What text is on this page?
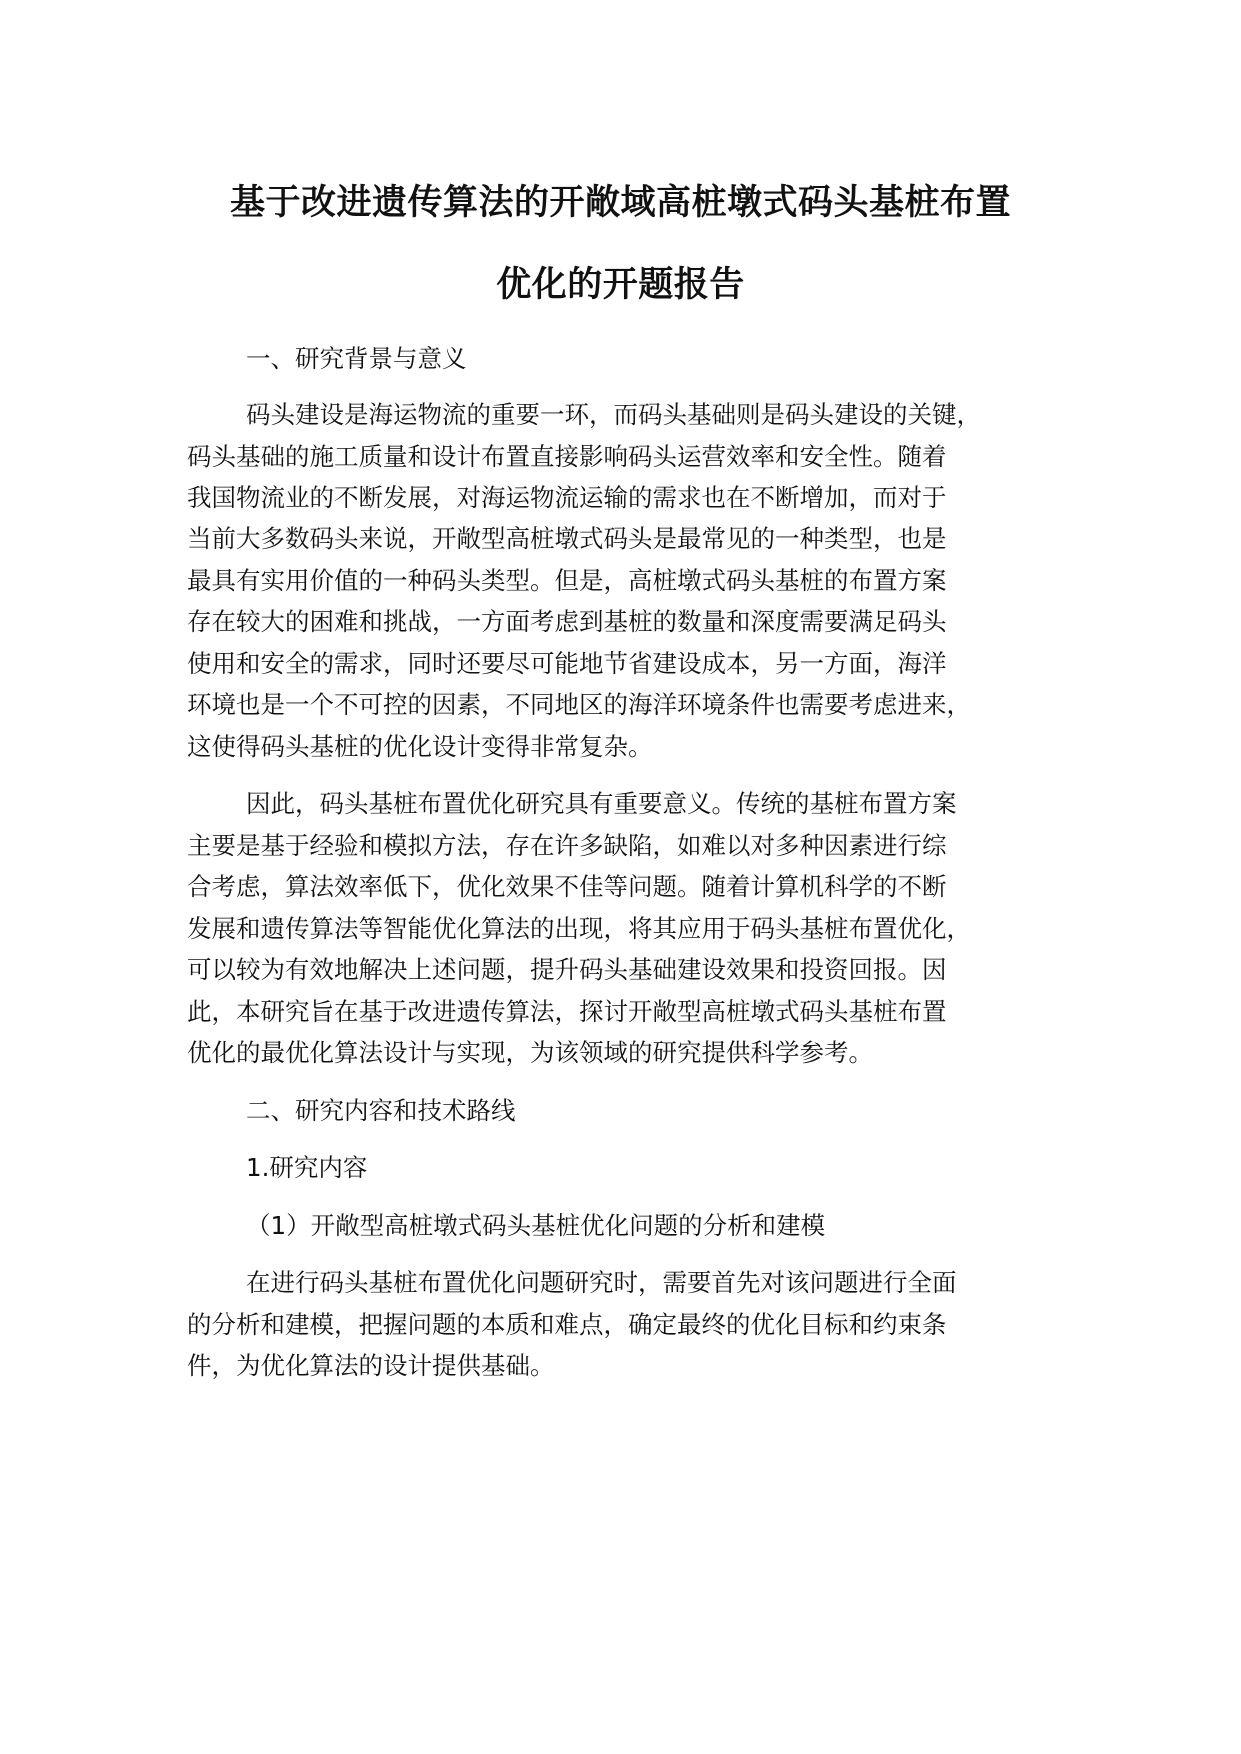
基于改进遗传算法的开敞域高桩墩式码头基桩布置
优化的开题报告
一、研究背景与意义
码头建设是海运物流的重要一环，而码头基础则是码头建设的关键，
码头基础的施工质量和设计布置直接影响码头运营效率和安全性。随着
我国物流业的不断发展，对海运物流运输的需求也在不断增加，而对于
当前大多数码头来说，开敞型高桩墩式码头是最常见的一种类型，也是
最具有实用价值的一种码头类型。但是，高桩墩式码头基桩的布置方案
存在较大的困难和挑战，一方面考虑到基桩的数量和深度需要满足码头
使用和安全的需求，同时还要尽可能地节省建设成本，另一方面，海洋
环境也是一个不可控的因素，不同地区的海洋环境条件也需要考虑进来，
这使得码头基桩的优化设计变得非常复杂。
因此，码头基桩布置优化研究具有重要意义。传统的基桩布置方案
主要是基于经验和模拟方法，存在许多缺陷，如难以对多种因素进行综
合考虑，算法效率低下，优化效果不佳等问题。随着计算机科学的不断
发展和遗传算法等智能优化算法的出现，将其应用于码头基桩布置优化，
可以较为有效地解决上述问题，提升码头基础建设效果和投资回报。因
此，本研究旨在基于改进遗传算法，探讨开敞型高桩墩式码头基桩布置
优化的最优化算法设计与实现，为该领域的研究提供科学参考。
二、研究内容和技术路线
1.研究内容
（1）开敞型高桩墩式码头基桩优化问题的分析和建模
在进行码头基桩布置优化问题研究时，需要首先对该问题进行全面
的分析和建模，把握问题的本质和难点，确定最终的优化目标和约束条
件，为优化算法的设计提供基础。
